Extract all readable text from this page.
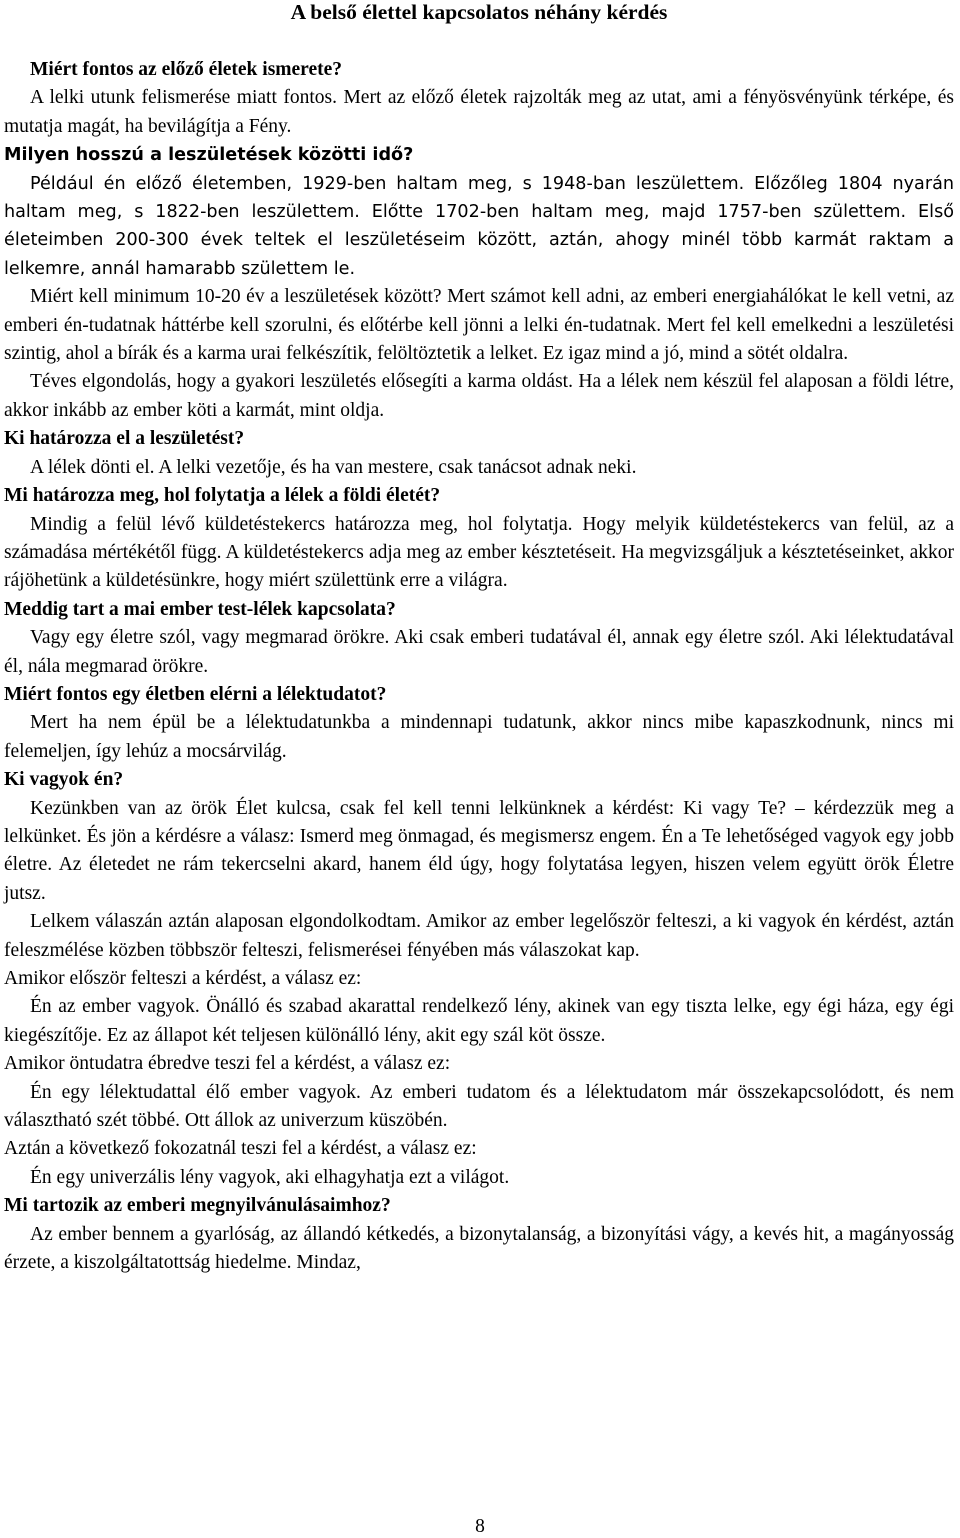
A belső élettel kapcsolatos néhány kérdés

Miért fontos az előző életek ismerete?

A lelki utunk felismerése miatt fontos. Mert az előző életek rajzolták meg az utat, ami a fényösvényünk térképe, és mutatja magát, ha bevilágítja a Fény.

Milyen hosszú a leszületések közötti idő?

Például én előző életemben, 1929-ben haltam meg, s 1948-ban leszülettem. Előzőleg 1804 nyarán haltam meg, s 1822-ben leszülettem. Előtte 1702-ben haltam meg, majd 1757-ben születtem. Első életeimben 200-300 évek teltek el leszületéseim között, aztán, ahogy minél több karmát raktam a lelkemre, annál hamarabb születtem le.

Miért kell minimum 10-20 év a leszületések között? Mert számot kell adni, az emberi energiahálókat le kell vetni, az emberi én-tudatnak háttérbe kell szorulni, és előtérbe kell jönni a lelki én-tudatnak. Mert fel kell emelkedni a leszületési szintig, ahol a bírák és a karma urai felkészítik, felöltöztetik a lelket. Ez igaz mind a jó, mind a sötét oldalra.

Téves elgondolás, hogy a gyakori leszületés elősegíti a karma oldást. Ha a lélek nem készül fel alaposan a földi létre, akkor inkább az ember köti a karmát, mint oldja.

Ki határozza el a leszületést?

A lélek dönti el. A lelki vezetője, és ha van mestere, csak tanácsot adnak neki.

Mi határozza meg, hol folytatja a lélek a földi életét?

Mindig a felül lévő küldetéstekercs határozza meg, hol folytatja. Hogy melyik küldetéstekercs van felül, az a számadása mértékétől függ. A küldetéstekercs adja meg az ember késztetéseit. Ha megvizsgáljuk a késztetéseinket, akkor rájöhetünk a küldetésünkre, hogy miért születtünk erre a világra.

Meddig tart a mai ember test-lélek kapcsolata?

Vagy egy életre szól, vagy megmarad örökre. Aki csak emberi tudatával él, annak egy életre szól. Aki lélektudatával él, nála megmarad örökre.

Miért fontos egy életben elérni a lélektudatot?

Mert ha nem épül be a lélektudatunkba a mindennapi tudatunk, akkor nincs mibe kapaszkodnunk, nincs mi felemeljen, így lehúz a mocsárvilág.

Ki vagyok én?

Kezünkben van az örök Élet kulcsa, csak fel kell tenni lelkünknek a kérdést: Ki vagy Te? – kérdezzük meg a lelkünket. És jön a kérdésre a válasz: Ismerd meg önmagad, és megismersz engem. Én a Te lehetőséged vagyok egy jobb életre. Az életedet ne rám tekercselni akard, hanem éld úgy, hogy folytatása legyen, hiszen velem együtt örök Életre jutsz.

Lelkem válaszán aztán alaposan elgondolkodtam. Amikor az ember legelőször felteszi, a ki vagyok én kérdést, aztán feleszmélése közben többször felteszi, felismerései fényében más válaszokat kap.

Amikor először felteszi a kérdést, a válasz ez:

Én az ember vagyok. Önálló és szabad akarattal rendelkező lény, akinek van egy tiszta lelke, egy égi háza, egy égi kiegészítője. Ez az állapot két teljesen különálló lény, akit egy szál köt össze.

Amikor öntudatra ébredve teszi fel a kérdést, a válasz ez:

Én egy lélektudattal élő ember vagyok. Az emberi tudatom és a lélektudatom már összekapcsolódott, és nem választható szét többé. Ott állok az univerzum küszöbén.

Aztán a következő fokozatnál teszi fel a kérdést, a válasz ez:

Én egy univerzális lény vagyok, aki elhagyhatja ezt a világot.

Mi tartozik az emberi megnyilvánulásaimhoz?

Az ember bennem a gyarlóság, az állandó kétkedés, a bizonytalanság, a bizonyítási vágy, a kevés hit, a magányosság érzete, a kiszolgáltatottság hiedelme. Mindaz,

8
